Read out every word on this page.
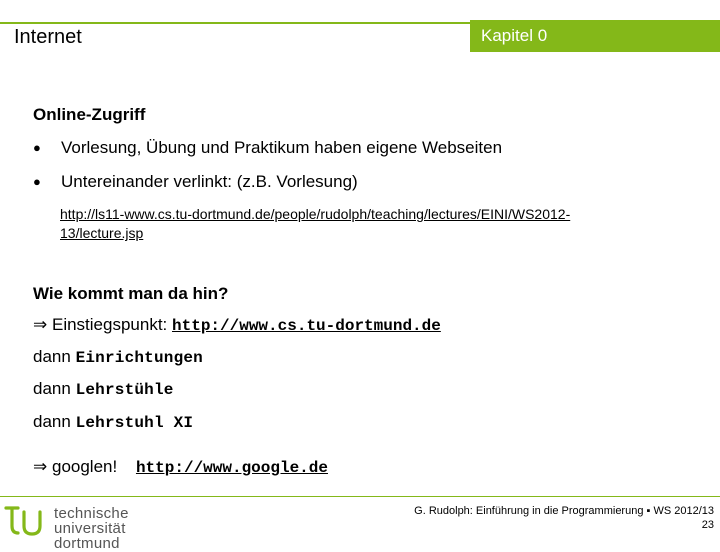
Internet	Kapitel 0
Online-Zugriff
● Vorlesung, Übung und Praktikum haben eigene Webseiten
● Untereinander verlinkt: (z.B. Vorlesung)
http://ls11-www.cs.tu-dortmund.de/people/rudolph/teaching/lectures/EINI/WS2012-
13/lecture.jsp
Wie kommt man da hin?
⇒ Einstiegspunkt: http://www.cs.tu-dortmund.de
dann Einrichtungen
dann Lehrstühle
dann Lehrstuhl XI
⇒ googlen! http://www.google.de
technische universität
dortmund
G. Rudolph: Einführung in die Programmierung ▪ WS 2012/13
23
